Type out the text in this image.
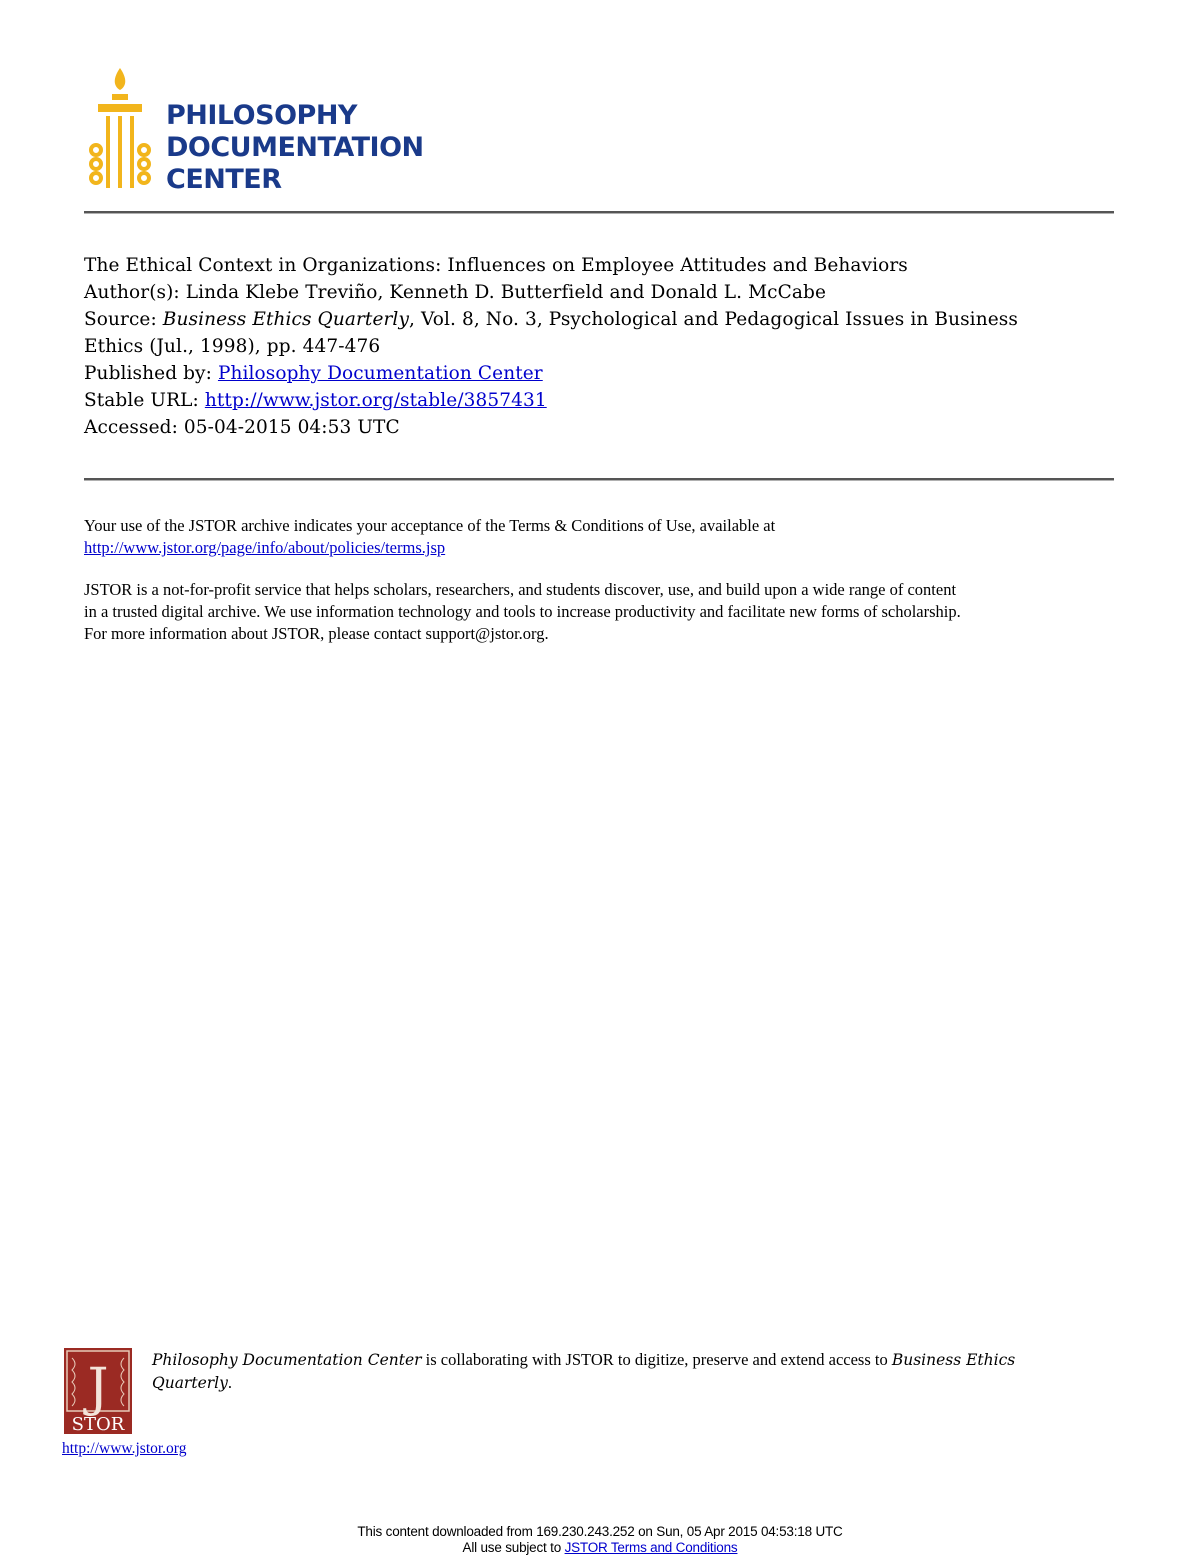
PHILOSOPHY
DOCUMENTATION
CENTER
The Ethical Context in Organizations: Influences on Employee Attitudes and Behaviors
Author(s): Linda Klebe Treviño, Kenneth D. Butterfield and Donald L. McCabe
Source: Business Ethics Quarterly, Vol. 8, No. 3, Psychological and Pedagogical Issues in Business
Ethics (Jul., 1998), pp. 447-476
Published by: Philosophy Documentation Center
Stable URL: http://www.jstor.org/stable/3857431
Accessed: 05-04-2015 04:53 UTC
Your use of the JSTOR archive indicates your acceptance of the Terms & Conditions of Use, available at
http://www.jstor.org/page/info/about/policies/terms.jsp
JSTOR is a not-for-profit service that helps scholars, researchers, and students discover, use, and build upon a wide range of content
in a trusted digital archive. We use information technology and tools to increase productivity and facilitate new forms of scholarship.
For more information about JSTOR, please contact support@jstor.org.
J
STOR
Philosophy Documentation Center is collaborating with JSTOR to digitize, preserve and extend access to Business Ethics
Quarterly.
http://www.jstor.org
This content downloaded from 169.230.243.252 on Sun, 05 Apr 2015 04:53:18 UTC
All use subject to JSTOR Terms and Conditions
